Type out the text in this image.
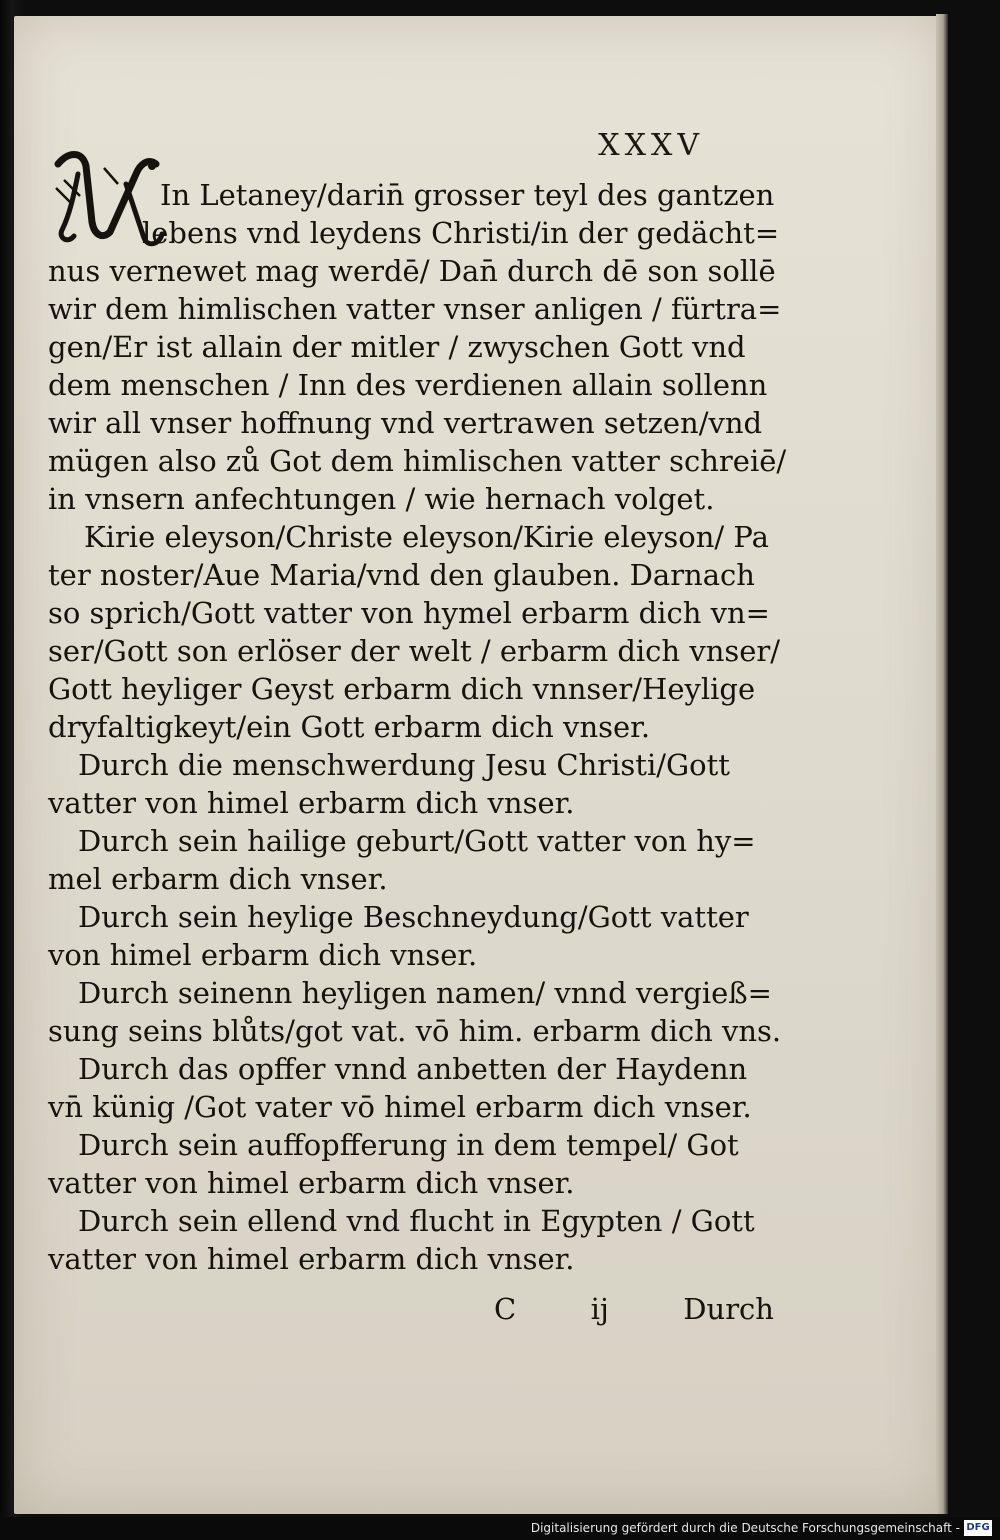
XXXV
In Letaney/darin̄ grosser teyl des gantzen
lebens vnd leydens Christi/in der gedächt=
nus vernewet mag werdē/ Dan̄ durch dē son sollē
wir dem himlischen vatter vnser anligen / fürtra=
gen/Er ist allain der mitler / zwyschen Gott vnd
dem menschen / Inn des verdienen allain sollenn
wir all vnser hoffnung vnd vertrawen setzen/vnd
mügen also zů Got dem himlischen vatter schreiē/
in vnsern anfechtungen / wie hernach volget.
Kirie eleyson/Christe eleyson/Kirie eleyson/ Pa
ter noster/Aue Maria/vnd den glauben. Darnach
so sprich/Gott vatter von hymel erbarm dich vn=
ser/Gott son erlöser der welt / erbarm dich vnser/
Gott heyliger Geyst erbarm dich vnnser/Heylige
dryfaltigkeyt/ein Gott erbarm dich vnser.
Durch die menschwerdung Jesu Christi/Gott
vatter von himel erbarm dich vnser.
Durch sein hailige geburt/Gott vatter von hy=
mel erbarm dich vnser.
Durch sein heylige Beschneydung/Gott vatter
von himel erbarm dich vnser.
Durch seinenn heyligen namen/ vnnd vergieß=
sung seins blůts/got vat. vō him. erbarm dich vns.
Durch das opffer vnnd anbetten der Haydenn
vn̄ künig /Got vater vō himel erbarm dich vnser.
Durch sein auffopfferung in dem tempel/ Got
vatter von himel erbarm dich vnser.
Durch sein ellend vnd flucht in Egypten / Gott
vatter von himel erbarm dich vnser.
C	ij	Durch
Digitalisierung gefördert durch die Deutsche Forschungsgemeinschaft - DFG
